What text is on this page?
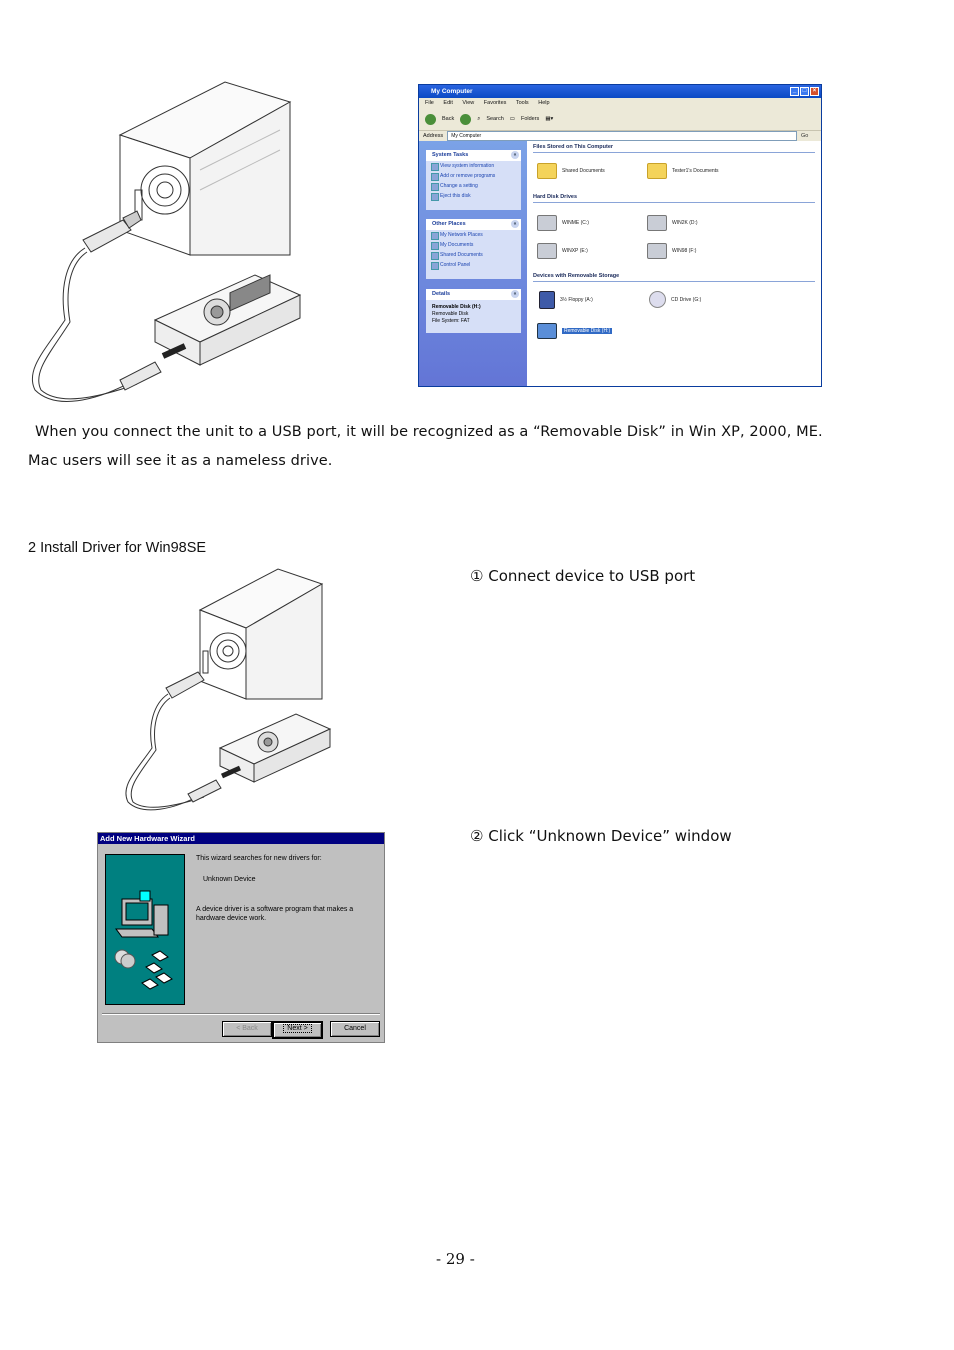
My Computer	_	□	×
File Edit View Favorites Tools Help
Back	⌕ Search ▭ Folders ▦▾
Address	My Computer	Go
System Tasks	«
View system information
Add or remove programs
Change a setting
Eject this disk
Other Places	«
My Network Places
My Documents
Shared Documents
Control Panel
Details	«
Removable Disk (H:)
Removable Disk
File System: FAT
Files Stored on This Computer
Shared Documents	Tester1's Documents
Hard Disk Drives
WINME (C:)	WIN2K (D:)
WINXP (E:)	WIN98 (F:)
Devices with Removable Storage
3½ Floppy (A:)	CD Drive (G:)
Removable Disk (H:)
When you connect the unit to a USB port, it will be recognized as a “Removable Disk” in Win XP, 2000, ME.
Mac users will see it as a nameless drive.
2 Install Driver for Win98SE
① Connect device to USB port
Add New Hardware Wizard
This wizard searches for new drivers for:
Unknown Device
A device driver is a software program that makes a
hardware device work.
< Back	Next >	Cancel
② Click “Unknown Device” window
- 29 -
